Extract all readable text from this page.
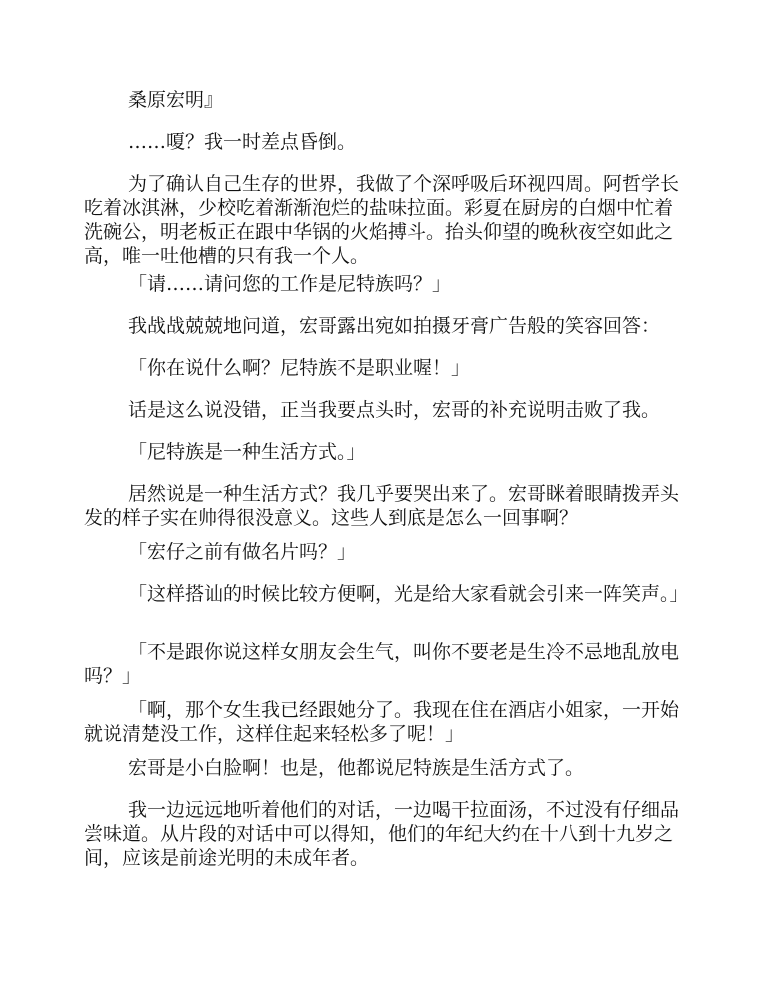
桑原宏明』

……嗄？我一时差点昏倒。

为了确认自己生存的世界，我做了个深呼吸后环视四周。阿哲学长吃着冰淇淋，少校吃着渐渐泡烂的盐味拉面。彩夏在厨房的白烟中忙着洗碗公，明老板正在跟中华锅的火焰搏斗。抬头仰望的晚秋夜空如此之高，唯一吐他槽的只有我一个人。

「请……请问您的工作是尼特族吗？」

我战战兢兢地问道，宏哥露出宛如拍摄牙膏广告般的笑容回答：

「你在说什么啊？尼特族不是职业喔！」

话是这么说没错，正当我要点头时，宏哥的补充说明击败了我。

「尼特族是一种生活方式。」

居然说是一种生活方式？我几乎要哭出来了。宏哥眯着眼睛拨弄头发的样子实在帅得很没意义。这些人到底是怎么一回事啊？

「宏仔之前有做名片吗？」

「这样搭讪的时候比较方便啊，光是给大家看就会引来一阵笑声。」

「不是跟你说这样女朋友会生气，叫你不要老是生冷不忌地乱放电吗？」

「啊，那个女生我已经跟她分了。我现在住在酒店小姐家，一开始就说清楚没工作，这样住起来轻松多了呢！」

宏哥是小白脸啊！也是，他都说尼特族是生活方式了。

我一边远远地听着他们的对话，一边喝干拉面汤，不过没有仔细品尝味道。从片段的对话中可以得知，他们的年纪大约在十八到十九岁之间，应该是前途光明的未成年者。
